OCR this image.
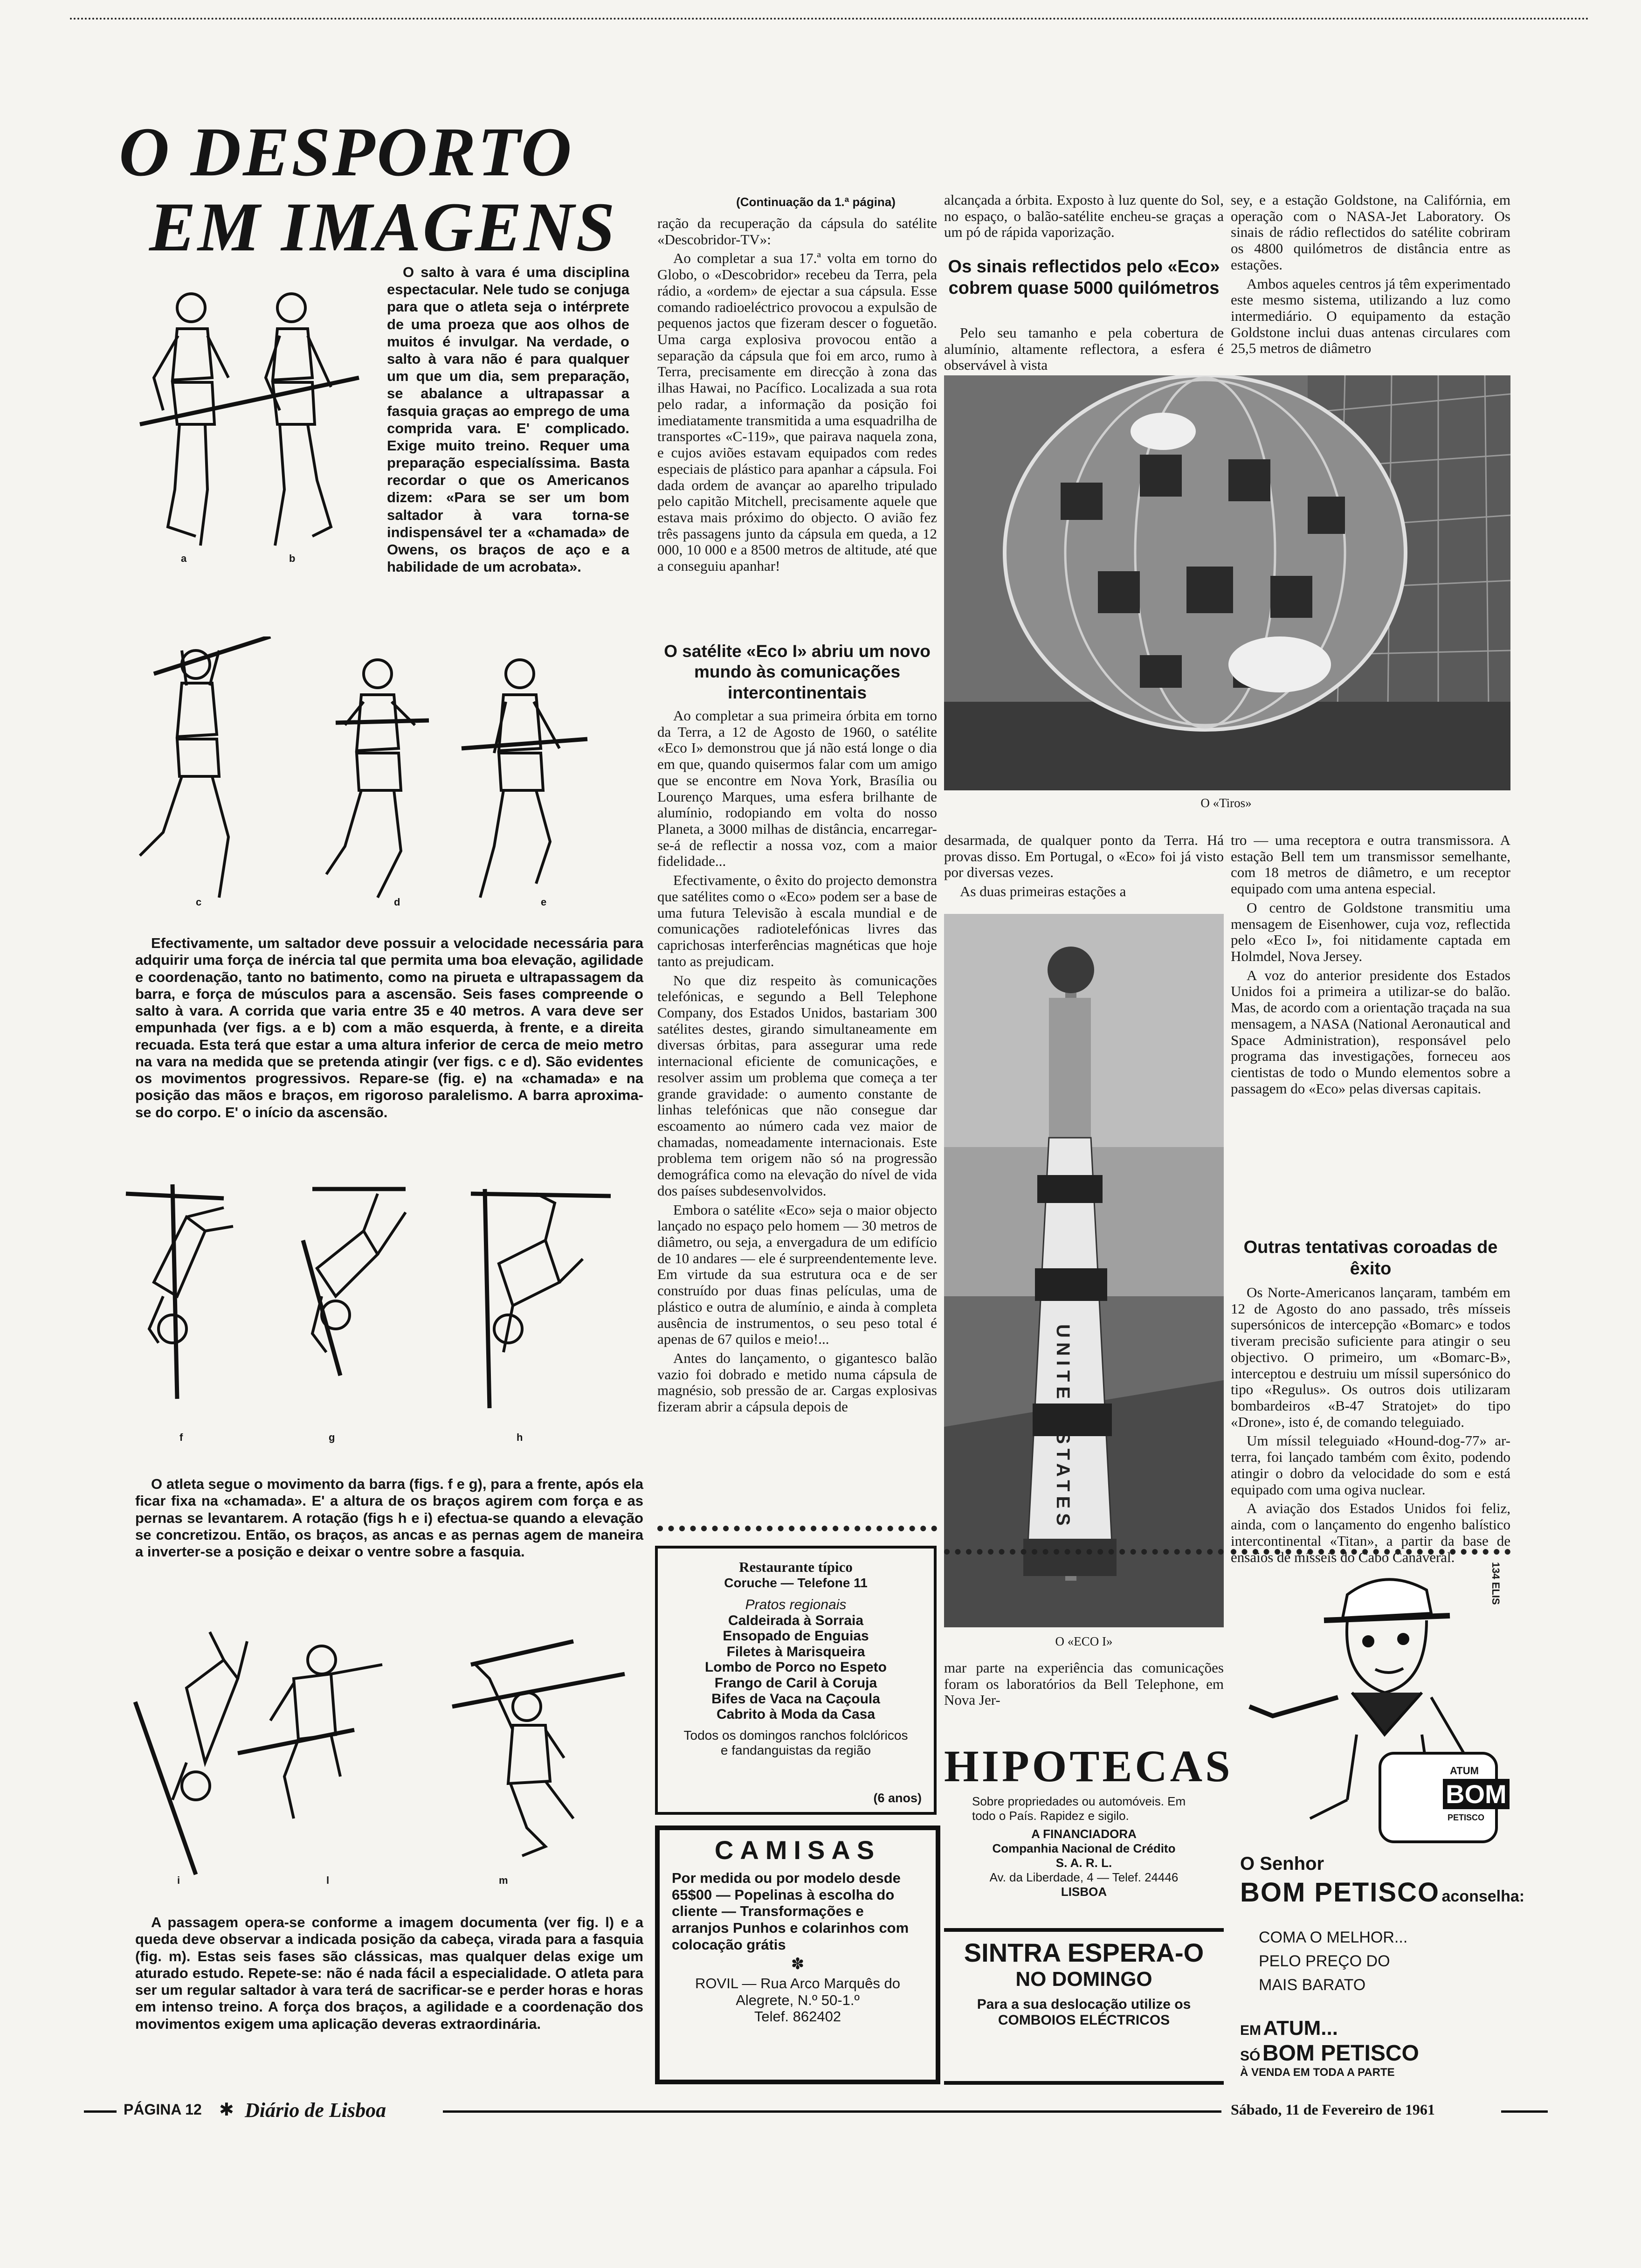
O DESPORTO
EM IMAGENS

O salto à vara é uma disciplina espectacular. Nele tudo se conjuga para que o atleta seja o intérprete de uma proeza que aos olhos de muitos é invulgar. Na verdade, o salto à vara não é para qualquer um que um dia, sem preparação, se abalance a ultrapassar a fasquia graças ao emprego de uma comprida vara. E' complicado. Exige muito treino. Requer uma preparação especialíssima. Basta recordar o que os Americanos dizem: «Para se ser um bom saltador à vara torna-se indispensável ter a «chamada» de Owens, os braços de aço e a habilidade de um acrobata».

a	b
c	d	e

Efectivamente, um saltador deve possuir a velocidade necessária para adquirir uma força de inércia tal que permita uma boa elevação, agilidade e coordenação, tanto no batimento, como na pirueta e ultrapassagem da barra, e força de músculos para a ascensão. Seis fases compreende o salto à vara. A corrida que varia entre 35 e 40 metros. A vara deve ser empunhada (ver figs. a e b) com a mão esquerda, à frente, e a direita recuada. Esta terá que estar a uma altura inferior de cerca de meio metro na vara na medida que se pretenda atingir (ver figs. c e d). São evidentes os movimentos progressivos. Repare-se (fig. e) na «chamada» e na posição das mãos e braços, em rigoroso paralelismo. A barra aproxima-se do corpo. E' o início da ascensão.

f	g	h

O atleta segue o movimento da barra (figs. f e g), para a frente, após ela ficar fixa na «chamada». E' a altura de os braços agirem com força e as pernas se levantarem. A rotação (figs h e i) efectua-se quando a elevação se concretizou. Então, os braços, as ancas e as pernas agem de maneira a inverter-se a posição e deixar o ventre sobre a fasquia.

i	l	m

A passagem opera-se conforme a imagem documenta (ver fig. l) e a queda deve observar a indicada posição da cabeça, virada para a fasquia (fig. m). Estas seis fases são clássicas, mas qualquer delas exige um aturado estudo. Repete-se: não é nada fácil a especialidade. O atleta para ser um regular saltador à vara terá de sacrificar-se e perder horas e horas em intenso treino. A força dos braços, a agilidade e a coordenação dos movimentos exigem uma aplicação deveras extraordinária.

(Continuação da 1.ª página)

ração da recuperação da cápsula do satélite «Descobridor-TV»:

Ao completar a sua 17.ª volta em torno do Globo, o «Descobridor» recebeu da Terra, pela rádio, a «ordem» de ejectar a sua cápsula. Esse comando radioeléctrico provocou a expulsão de pequenos jactos que fizeram descer o foguetão. Uma carga explosiva provocou então a separação da cápsula que foi em arco, rumo à Terra, precisamente em direcção à zona das ilhas Hawai, no Pacífico. Localizada a sua rota pelo radar, a informação da posição foi imediatamente transmitida a uma esquadrilha de transportes «C-119», que pairava naquela zona, e cujos aviões estavam equipados com redes especiais de plástico para apanhar a cápsula. Foi dada ordem de avançar ao aparelho tripulado pelo capitão Mitchell, precisamente aquele que estava mais próximo do objecto. O avião fez três passagens junto da cápsula em queda, a 12 000, 10 000 e a 8500 metros de altitude, até que a conseguiu apanhar!

O satélite «Eco I» abriu um novo mundo às comunicações intercontinentais

Ao completar a sua primeira órbita em torno da Terra, a 12 de Agosto de 1960, o satélite «Eco I» demonstrou que já não está longe o dia em que, quando quisermos falar com um amigo que se encontre em Nova York, Brasília ou Lourenço Marques, uma esfera brilhante de alumínio, rodopiando em volta do nosso Planeta, a 3000 milhas de distância, encarregar-se-á de reflectir a nossa voz, com a maior fidelidade...

Efectivamente, o êxito do projecto demonstra que satélites como o «Eco» podem ser a base de uma futura Televisão à escala mundial e de comunicações radiotelefónicas livres das caprichosas interferências magnéticas que hoje tanto as prejudicam.

No que diz respeito às comunicações telefónicas, e segundo a Bell Telephone Company, dos Estados Unidos, bastariam 300 satélites destes, girando simultaneamente em diversas órbitas, para assegurar uma rede internacional eficiente de comunicações, e resolver assim um problema que começa a ter grande gravidade: o aumento constante de linhas telefónicas que não consegue dar escoamento ao número cada vez maior de chamadas, nomeadamente internacionais. Este problema tem origem não só na progressão demográfica como na elevação do nível de vida dos países subdesenvolvidos.

Embora o satélite «Eco» seja o maior objecto lançado no espaço pelo homem — 30 metros de diâmetro, ou seja, a envergadura de um edifício de 10 andares — ele é surpreendentemente leve. Em virtude da sua estrutura oca e de ser construído por duas finas películas, uma de plástico e outra de alumínio, e ainda à completa ausência de instrumentos, o seu peso total é apenas de 67 quilos e meio!...

Antes do lançamento, o gigantesco balão vazio foi dobrado e metido numa cápsula de magnésio, sob pressão de ar. Cargas explosivas fizeram abrir a cápsula depois de

Restaurante típico
Coruche — Telefone 11
Pratos regionais
Caldeirada à Sorraia
Ensopado de Enguias
Filetes à Marisqueira
Lombo de Porco no Espeto
Frango de Caril à Coruja
Bifes de Vaca na Caçoula
Cabrito à Moda da Casa
Todos os domingos ranchos folclóricos e fandanguistas da região
(6 anos)
CAMISAS
Por medida ou por modelo desde 65$00 — Popelinas à escolha do cliente — Transformações e arranjos Punhos e colarinhos com colocação grátis
✽
ROVIL — Rua Arco Marquês do Alegrete, N.º 50-1.º
Telef. 862402

alcançada a órbita. Exposto à luz quente do Sol, no espaço, o balão-satélite encheu-se graças a um pó de rápida vaporização.

Os sinais reflectidos pelo «Eco» cobrem quase 5000 quilómetros

Pelo seu tamanho e pela cobertura de alumínio, altamente reflectora, a esfera é observável à vista

sey, e a estação Goldstone, na Califórnia, em operação com o NASA-Jet Laboratory. Os sinais de rádio reflectidos do satélite cobriram os 4800 quilómetros de distância entre as estações.

Ambos aqueles centros já têm experimentado este mesmo sistema, utilizando a luz como intermediário. O equipamento da estação Goldstone inclui duas antenas circulares com 25,5 metros de diâmetro

O «Tiros»

desarmada, de qualquer ponto da Terra. Há provas disso. Em Portugal, o «Eco» foi já visto por diversas vezes.

As duas primeiras estações a

tro — uma receptora e outra transmissora. A estação Bell tem um transmissor semelhante, com 18 metros de diâmetro, e um receptor equipado com uma antena especial.

O centro de Goldstone transmitiu uma mensagem de Eisenhower, cuja voz, reflectida pelo «Eco I», foi nitidamente captada em Holmdel, Nova Jersey.

A voz do anterior presidente dos Estados Unidos foi a primeira a utilizar-se do balão. Mas, de acordo com a orientação traçada na sua mensagem, a NASA (National Aeronautical and Space Administration), responsável pelo programa das investigações, forneceu aos cientistas de todo o Mundo elementos sobre a passagem do «Eco» pelas diversas capitais.

Outras tentativas coroadas de êxito

Os Norte-Americanos lançaram, também em 12 de Agosto do ano passado, três mísseis supersónicos de intercepção «Bomarc» e todos tiveram precisão suficiente para atingir o seu objectivo. O primeiro, um «Bomarc-B», interceptou e destruiu um míssil supersónico do tipo «Regulus». Os outros dois utilizaram bombardeiros «B-47 Stratojet» do tipo «Drone», isto é, de comando teleguiado.

Um míssil teleguiado «Hound-dog-77» ar-terra, foi lançado também com êxito, podendo atingir o dobro da velocidade do som e está equipado com uma ogiva nuclear.

A aviação dos Estados Unidos foi feliz, ainda, com o lançamento do engenho balístico intercontinental «Titan», a partir da base de ensaios de mísseis do Cabo Canaveral.

UNITED STATES
O «ECO I»

mar parte na experiência das comunicações foram os laboratórios da Bell Telephone, em Nova Jer-

HIPOTECAS
Sobre propriedades ou automóveis. Em todo o País. Rapidez e sigilo.
A FINANCIADORA
Companhia Nacional de Crédito
S. A. R. L.
Av. da Liberdade, 4 — Telef. 24446
LISBOA
SINTRA ESPERA-O
NO DOMINGO
Para a sua deslocação utilize os
COMBOIOS ELÉCTRICOS
ATUM
BOM
PETISCO
134 ELIS
O Senhor
BOM PETISCO aconselha:
COMA O MELHOR...
PELO PREÇO DO
MAIS BARATO
EM ATUM...
SÓ BOM PETISCO
À VENDA EM TODA A PARTE
PÁGINA 12 ✱ Diário de Lisboa	Sábado, 11 de Fevereiro de 1961
